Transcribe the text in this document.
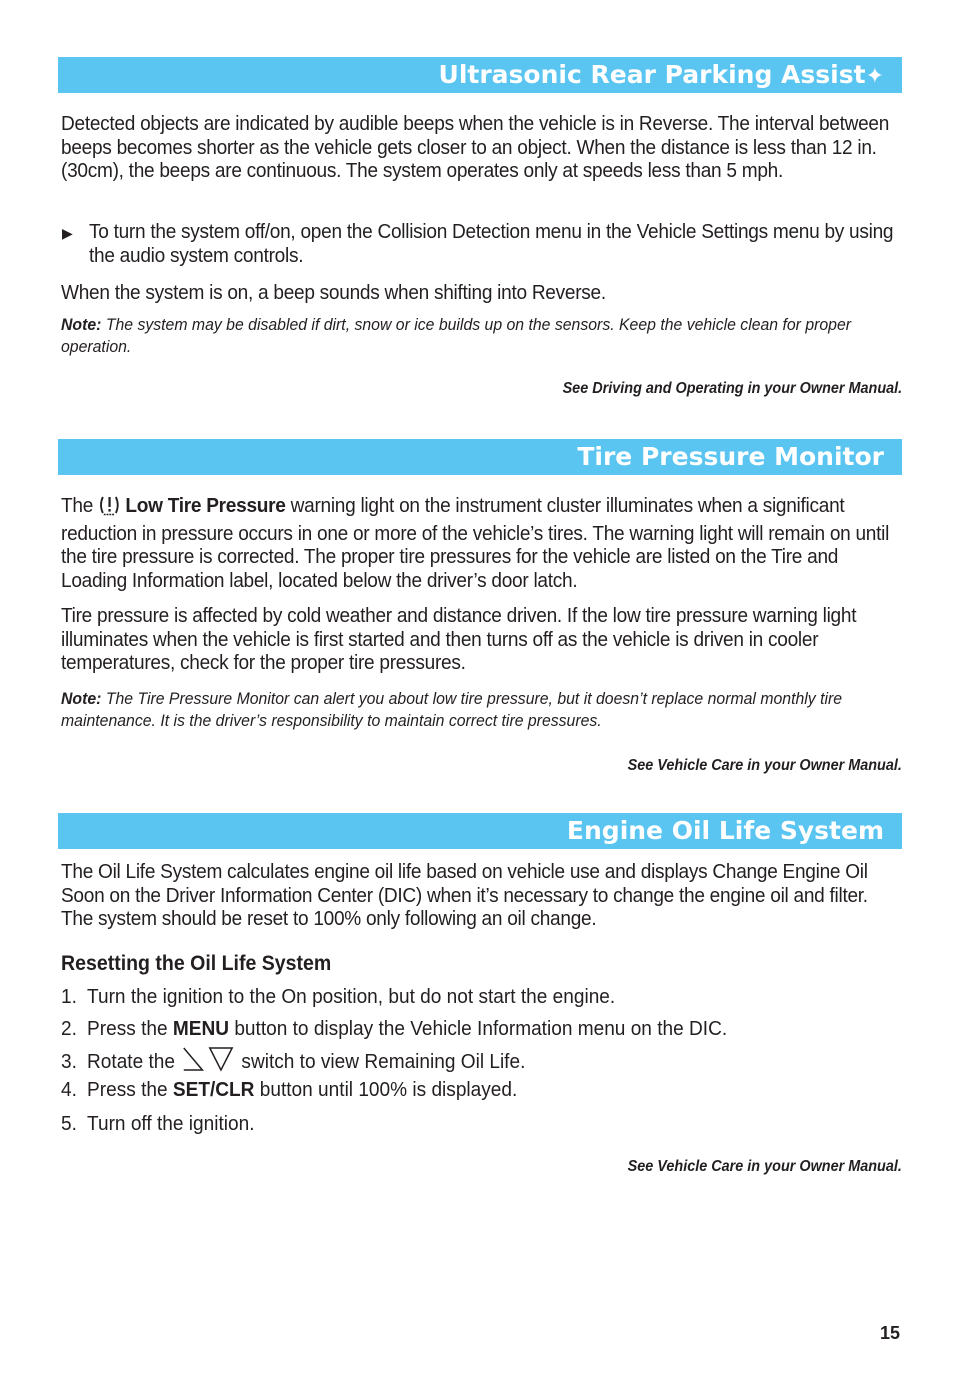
Ultrasonic Rear Parking Assist✦
Detected objects are indicated by audible beeps when the vehicle is in Reverse. The interval between beeps becomes shorter as the vehicle gets closer to an object. When the distance is less than 12 in. (30cm), the beeps are continuous. The system operates only at speeds less than 5 mph.
▶ To turn the system off/on, open the Collision Detection menu in the Vehicle Settings menu by using the audio system controls.
When the system is on, a beep sounds when shifting into Reverse.
Note: The system may be disabled if dirt, snow or ice builds up on the sensors. Keep the vehicle clean for proper operation.
See Driving and Operating in your Owner Manual.
Tire Pressure Monitor
The Low Tire Pressure warning light on the instrument cluster illuminates when a significant reduction in pressure occurs in one or more of the vehicle’s tires. The warning light will remain on until the tire pressure is corrected. The proper tire pressures for the vehicle are listed on the Tire and Loading Information label, located below the driver’s door latch.
Tire pressure is affected by cold weather and distance driven. If the low tire pressure warning light illuminates when the vehicle is first started and then turns off as the vehicle is driven in cooler temperatures, check for the proper tire pressures.
Note: The Tire Pressure Monitor can alert you about low tire pressure, but it doesn’t replace normal monthly tire maintenance. It is the driver’s responsibility to maintain correct tire pressures.
See Vehicle Care in your Owner Manual.
Engine Oil Life System
The Oil Life System calculates engine oil life based on vehicle use and displays Change Engine Oil Soon on the Driver Information Center (DIC) when it’s necessary to change the engine oil and filter. The system should be reset to 100% only following an oil change.
Resetting the Oil Life System
1. Turn the ignition to the On position, but do not start the engine.
2. Press the MENU button to display the Vehicle Information menu on the DIC.
3. Rotate the	switch to view Remaining Oil Life.
4. Press the SET/CLR button until 100% is displayed.
5. Turn off the ignition.
See Vehicle Care in your Owner Manual.
15
